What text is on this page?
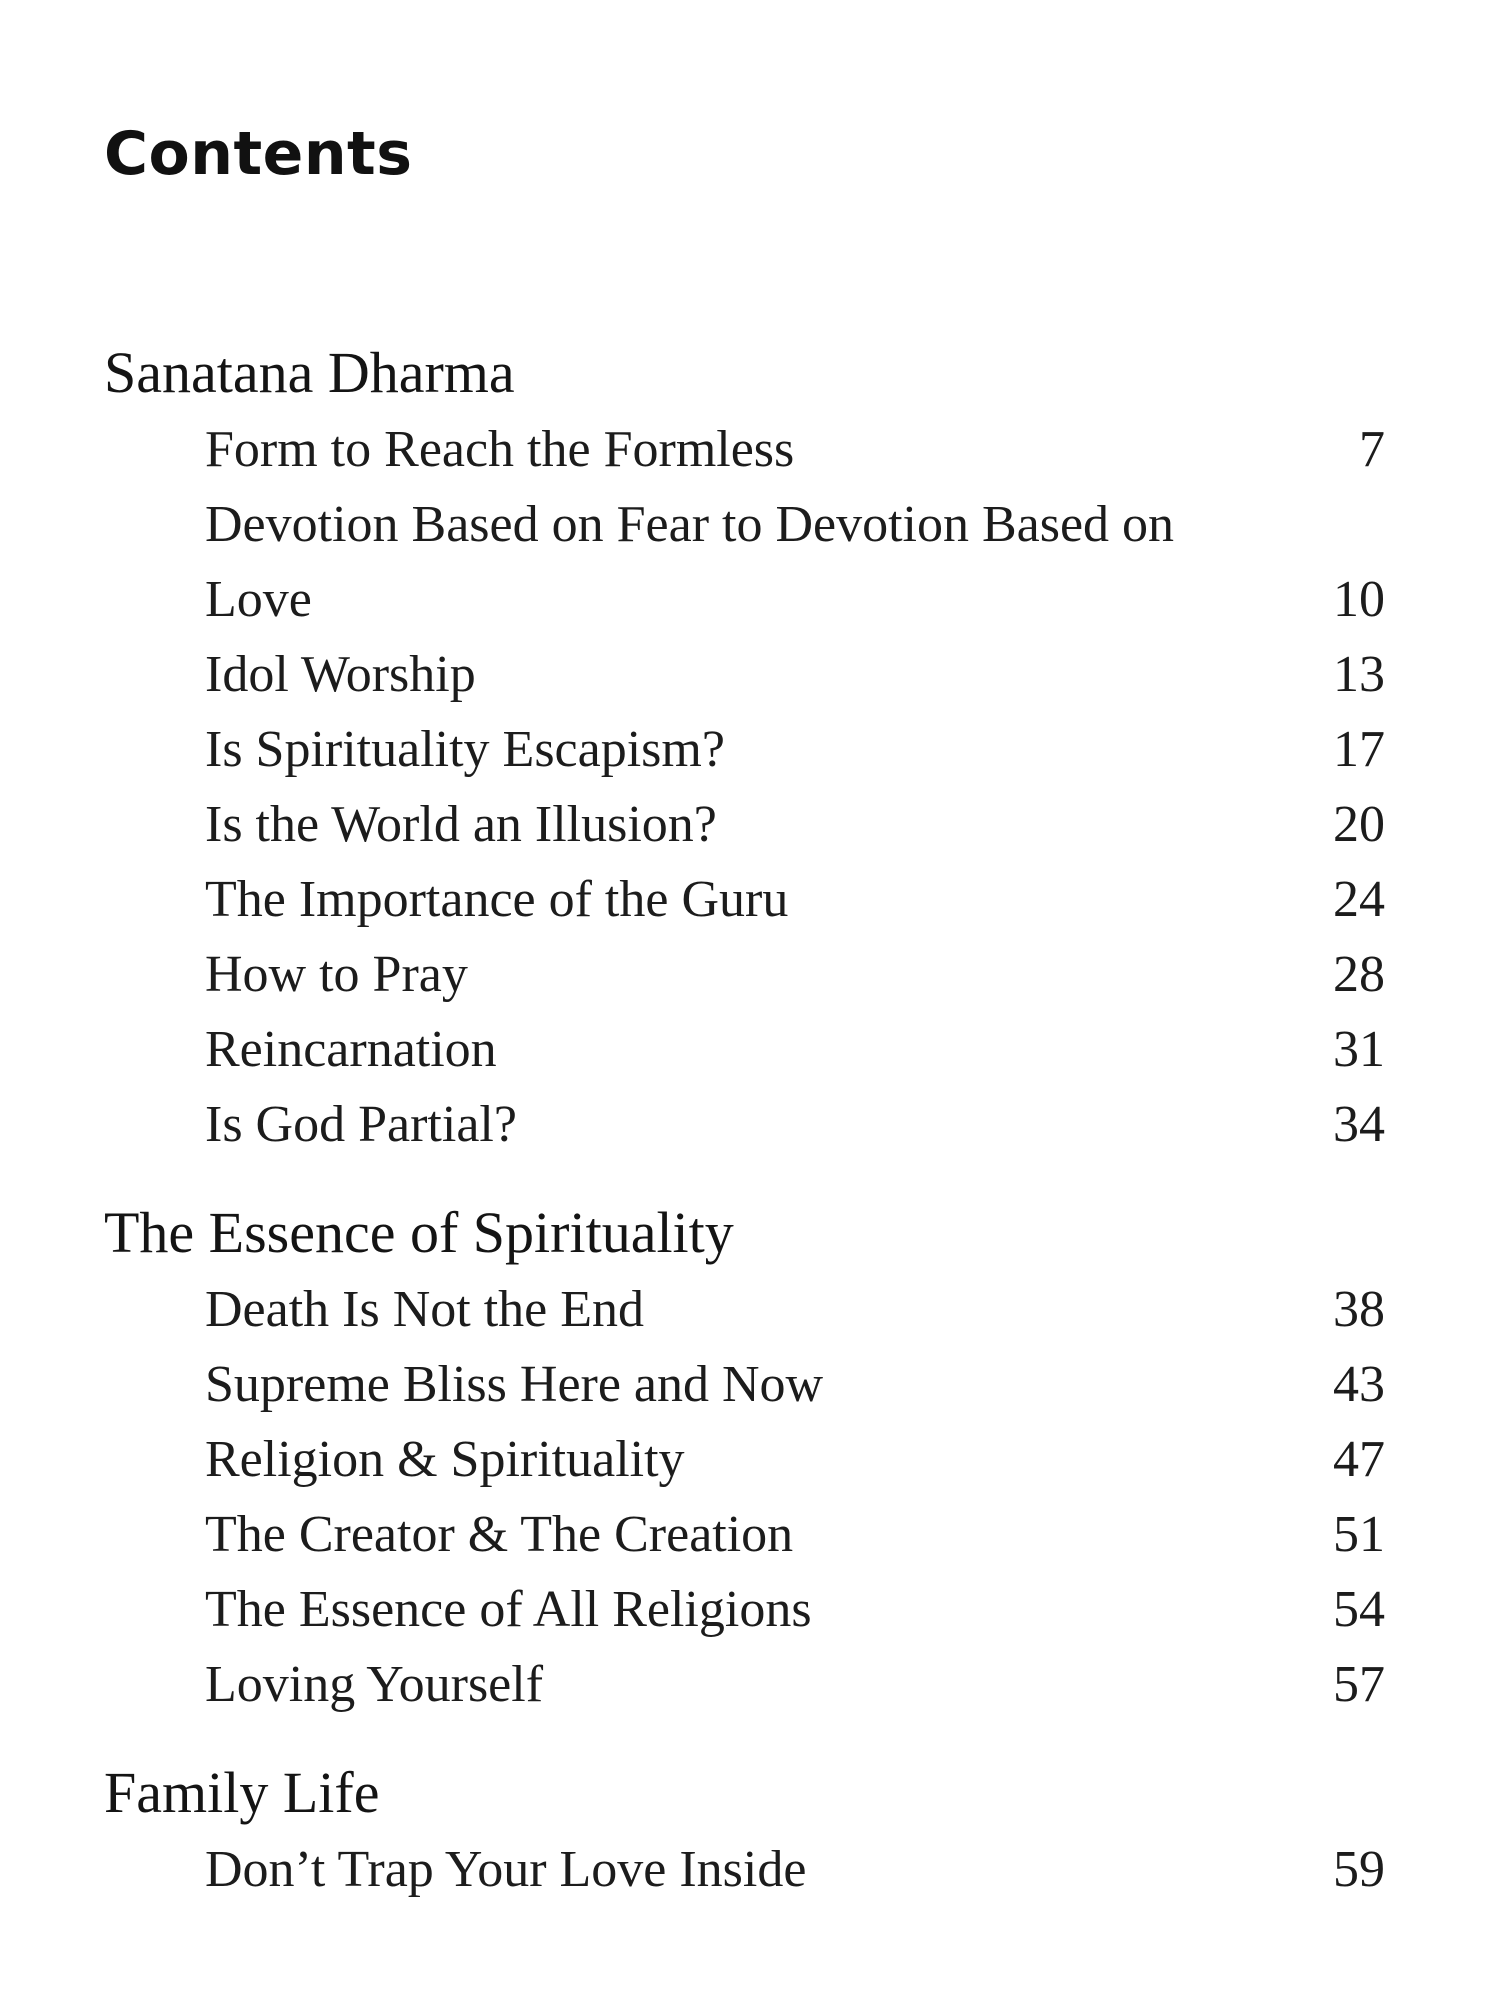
Contents
Sanatana Dharma
Form to Reach the Formless	7
Devotion Based on Fear to Devotion Based on
Love	10
Idol Worship	13
Is Spirituality Escapism?	17
Is the World an Illusion?	20
The Importance of the Guru	24
How to Pray	28
Reincarnation	31
Is God Partial?	34
The Essence of Spirituality
Death Is Not the End	38
Supreme Bliss Here and Now	43
Religion & Spirituality	47
The Creator & The Creation	51
The Essence of All Religions	54
Loving Yourself	57
Family Life
Don’t Trap Your Love Inside	59
